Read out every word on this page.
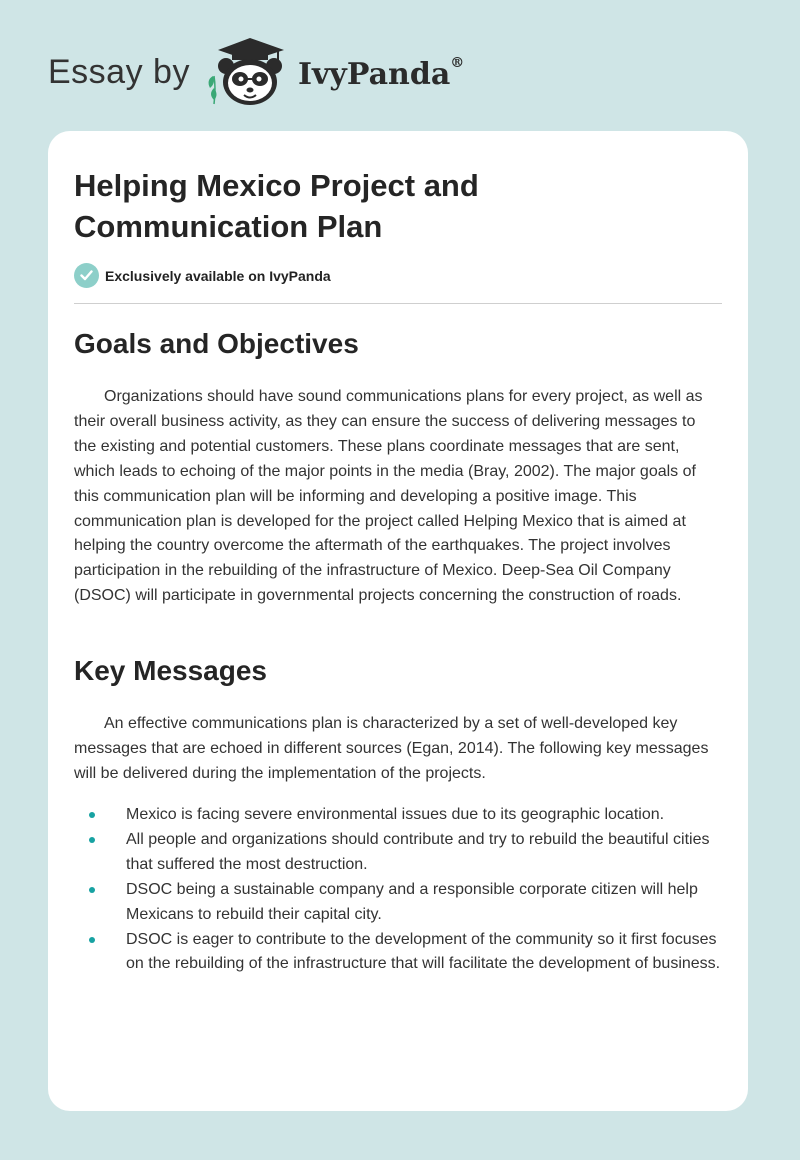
Essay by	IvyPanda®
Helping Mexico Project and
Communication Plan
Exclusively available on IvyPanda
Goals and Objectives

Organizations should have sound communications plans for every project, as well as their overall business activity, as they can ensure the success of delivering messages to the existing and potential customers. These plans coordinate messages that are sent, which leads to echoing of the major points in the media (Bray, 2002). The major goals of this communication plan will be informing and developing a positive image. This communication plan is developed for the project called Helping Mexico that is aimed at helping the country overcome the aftermath of the earthquakes. The project involves participation in the rebuilding of the infrastructure of Mexico. Deep-Sea Oil Company (DSOC) will participate in governmental projects concerning the construction of roads.

Key Messages

An effective communications plan is characterized by a set of well-developed key messages that are echoed in different sources (Egan, 2014). The following key messages will be delivered during the implementation of the projects.

Mexico is facing severe environmental issues due to its geographic location.
All people and organizations should contribute and try to rebuild the beautiful cities that suffered the most destruction.
DSOC being a sustainable company and a responsible corporate citizen will help Mexicans to rebuild their capital city.
DSOC is eager to contribute to the development of the community so it first focuses on the rebuilding of the infrastructure that will facilitate the development of business.
